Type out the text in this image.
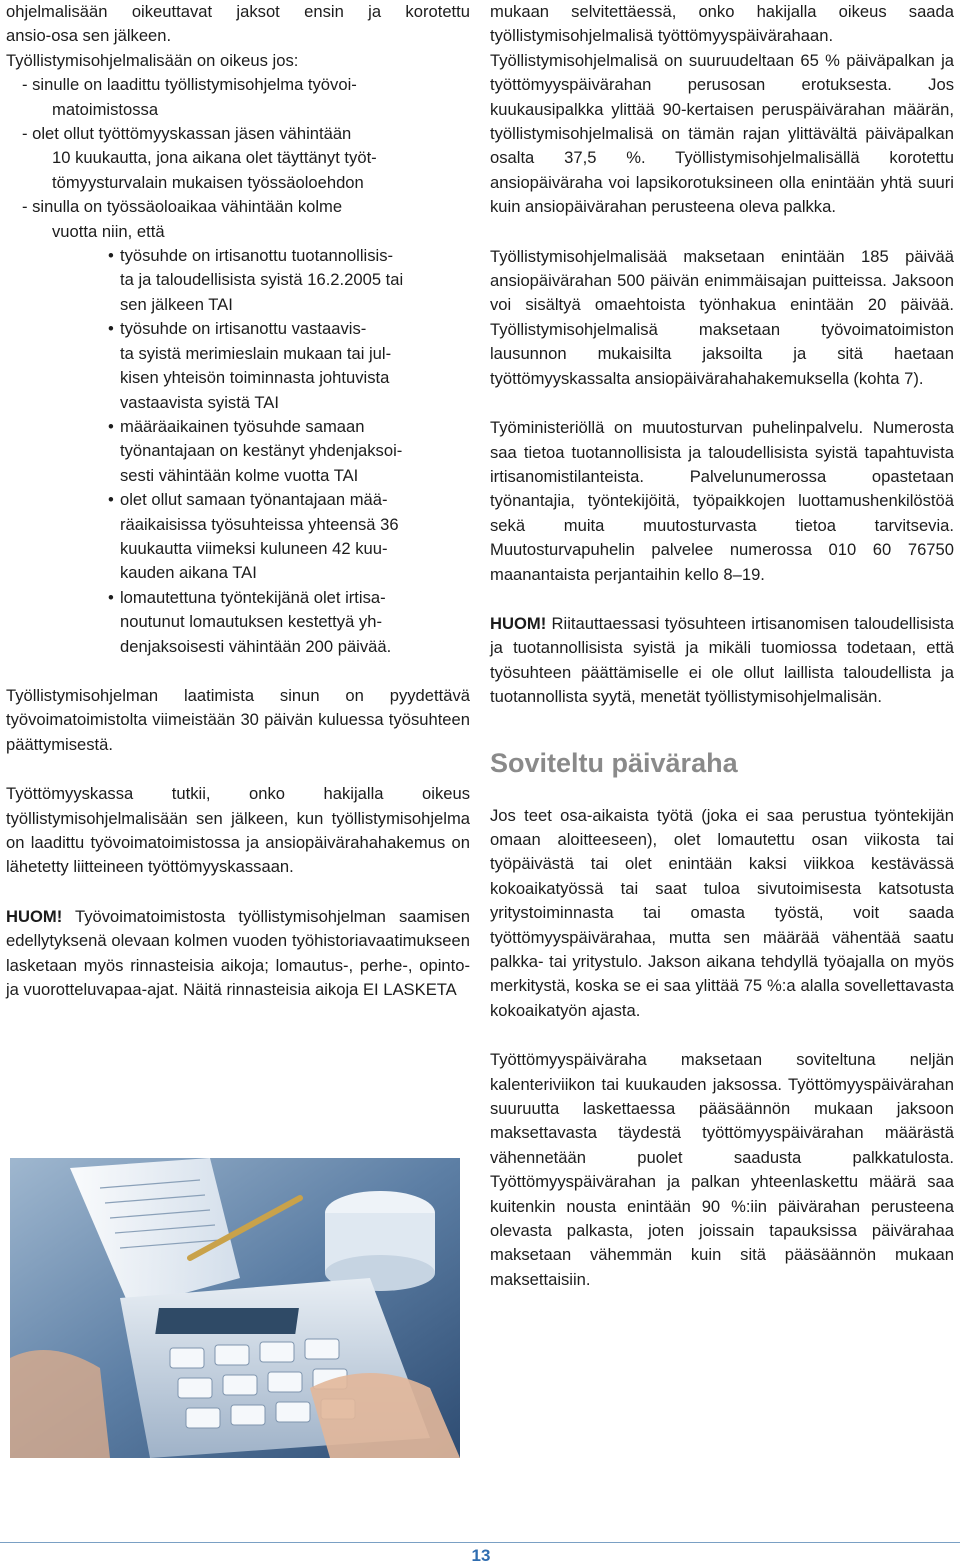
ohjelmalisään oikeuttavat jaksot ensin ja korotettu
ansio-osa sen jälkeen.
Työllistymisohjelmalisään on oikeus jos:
- sinulle on laadittu työllistymisohjelma työvoi-
matoimistossa
- olet ollut työttömyyskassan jäsen vähintään
10 kuukautta, jona aikana olet täyttänyt työt-
tömyysturvalain mukaisen työssäoloehdon
- sinulla on työssäoloaikaa vähintään kolme
vuotta niin, että
• työsuhde on irtisanottu tuotannollisis-
ta ja taloudellisista syistä 16.2.2005 tai
sen jälkeen TAI
• työsuhde on irtisanottu vastaavis-
ta syistä merimieslain mukaan tai jul-
kisen yhteisön toiminnasta johtuvista
vastaavista syistä TAI
• määräaikainen työsuhde samaan
työnantajaan on kestänyt yhdenjaksoi-
sesti vähintään kolme vuotta TAI
• olet ollut samaan työnantajaan mää-
räaikaisissa työsuhteissa yhteensä 36
kuukautta viimeksi kuluneen 42 kuu-
kauden aikana TAI
• lomautettuna työntekijänä olet irtisa-
noutunut lomautuksen kestettyä yh-
denjaksoisesti vähintään 200 päivää.

Työllistymisohjelman laatimista sinun on pyydettävä työvoimatoimistolta viimeistään 30 päivän kuluessa työsuhteen päättymisestä.

Työttömyyskassa tutkii, onko hakijalla oikeus työllistymisohjelmalisään sen jälkeen, kun työllistymisohjelma on laadittu työvoimatoimistossa ja ansiopäivärahahakemus on lähetetty liitteineen työttömyyskassaan.

HUOM! Työvoimatoimistosta työllistymisohjelman saamisen edellytyksenä olevaan kolmen vuoden työhistoriavaatimukseen lasketaan myös rinnasteisia aikoja; lomautus-, perhe-, opinto- ja vuorotteluvapaa-ajat. Näitä rinnasteisia aikoja EI LASKETA

mukaan selvitettäessä, onko hakijalla oikeus saada työllistymisohjelmalisä työttömyyspäivärahaan.

Työllistymisohjelmalisä on suuruudeltaan 65 % päiväpalkan ja työttömyyspäivärahan perusosan erotuksesta. Jos kuukausipalkka ylittää 90-kertaisen peruspäivärahan määrän, työllistymisohjelmalisä on tämän rajan ylittävältä päiväpalkan osalta 37,5 %. Työllistymisohjelmalisällä korotettu ansiopäiväraha voi lapsikorotuksineen olla enintään yhtä suuri kuin ansiopäivärahan perusteena oleva palkka.

Työllistymisohjelmalisää maksetaan enintään 185 päivää ansiopäivärahan 500 päivän enimmäisajan puitteissa. Jaksoon voi sisältyä omaehtoista työnhakua enintään 20 päivää. Työllistymisohjelmalisä maksetaan työvoimatoimiston lausunnon mukaisilta jaksoilta ja sitä haetaan työttömyyskassalta ansiopäivärahahakemuksella (kohta 7).

Työministeriöllä on muutosturvan puhelinpalvelu. Numerosta saa tietoa tuotannollisista ja taloudellisista syistä tapahtuvista irtisanomistilanteista. Palvelunumerossa opastetaan työnantajia, työntekijöitä, työpaikkojen luottamushenkilöstöä sekä muita muutosturvasta tietoa tarvitsevia. Muutosturvapuhelin palvelee numerossa 010 60 76750 maanantaista perjantaihin kello 8–19.

HUOM! Riitauttaessasi työsuhteen irtisanomisen taloudellisista ja tuotannollisista syistä ja mikäli tuomiossa todetaan, että työsuhteen päättämiselle ei ole ollut laillista taloudellista ja tuotannollista syytä, menetät työllistymisohjelmalisän.

Soviteltu päiväraha

Jos teet osa-aikaista työtä (joka ei saa perustua työntekijän omaan aloitteeseen), olet lomautettu osan viikosta tai työpäivästä tai olet enintään kaksi viikkoa kestävässä kokoaikatyössä tai saat tuloa sivutoimisesta katsotusta yritystoiminnasta tai omasta työstä, voit saada työttömyyspäivärahaa, mutta sen määrää vähentää saatu palkka- tai yritystulo. Jakson aikana tehdyllä työajalla on myös merkitystä, koska se ei saa ylittää 75 %:a alalla sovellettavasta kokoaikatyön ajasta.

Työttömyyspäiväraha maksetaan soviteltuna neljän kalenteriviikon tai kuukauden jaksossa. Työttömyyspäivärahan suuruutta laskettaessa pääsäännön mukaan jaksoon maksettavasta täydestä työttömyyspäivärahan määrästä vähennetään puolet saadusta palkkatulosta. Työttömyyspäivärahan ja palkan yhteenlaskettu määrä saa kuitenkin nousta enintään 90 %:iin päivärahan perusteena olevasta palkasta, joten joissain tapauksissa päivärahaa maksetaan vähemmän kuin sitä pääsäännön mukaan maksettaisiin.

13
